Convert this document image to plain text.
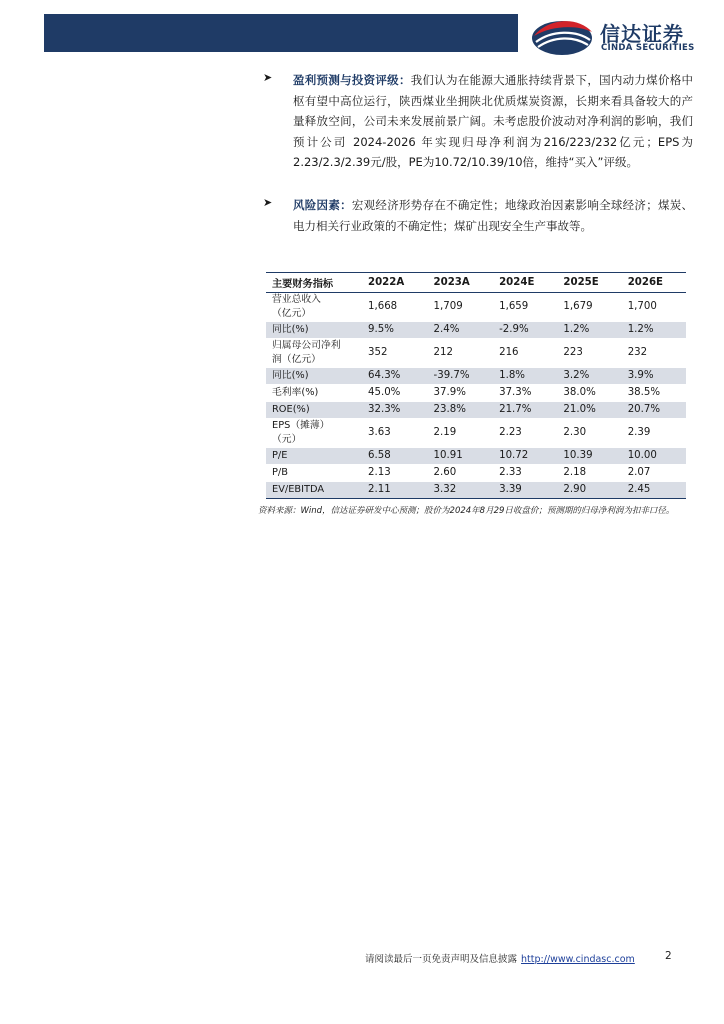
信达证券
CINDA SECURITIES
➤ 盈利预测与投资评级：我们认为在能源大通胀持续背景下，国内动力煤价格中枢有望中高位运行，陕西煤业坐拥陕北优质煤炭资源，长期来看具备较大的产量释放空间，公司未来发展前景广阔。未考虑股价波动对净利润的影响，我们预计公司 2024-2026 年实现归母净利润为216/223/232亿元；EPS为2.23/2.3/2.39元/股，PE为10.72/10.39/10倍，维持“买入”评级。
➤ 风险因素：宏观经济形势存在不确定性；地缘政治因素影响全球经济；煤炭、电力相关行业政策的不确定性；煤矿出现安全生产事故等。
主要财务指标	2022A	2023A	2024E	2025E	2026E

营业总收入
（亿元）	1,668	1,709	1,659	1,679	1,700

同比(%)	9.5%	2.4%	-2.9%	1.2%	1.2%

归属母公司净利
润（亿元）	352	212	216	223	232

同比(%)	64.3%	-39.7%	1.8%	3.2%	3.9%

毛利率(%)	45.0%	37.9%	37.3%	38.0%	38.5%

ROE(%)	32.3%	23.8%	21.7%	21.0%	20.7%

EPS（摊薄）
（元）	3.63	2.19	2.23	2.30	2.39

P/E	6.58	10.91	10.72	10.39	10.00

P/B	2.13	2.60	2.33	2.18	2.07

EV/EBITDA	2.11	3.32	3.39	2.90	2.45
资料来源：Wind，信达证券研发中心预测；股价为2024年8月29日收盘价；预测期的归母净利润为扣非口径。
请阅读最后一页免责声明及信息披露 http://www.cindasc.com	2
